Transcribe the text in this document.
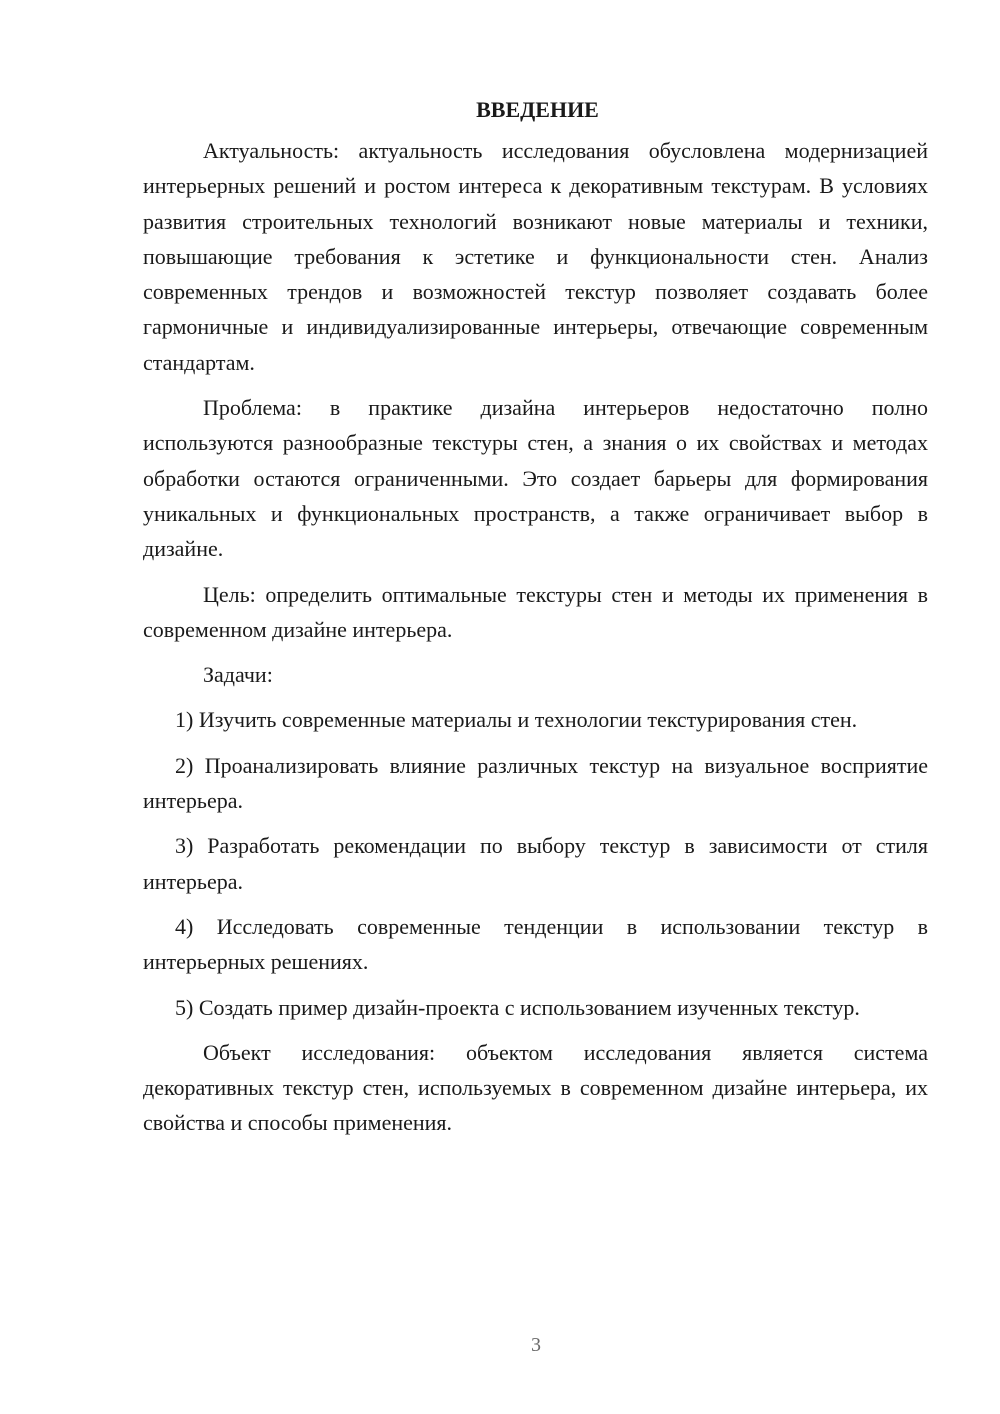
ВВЕДЕНИЕ

Актуальность: актуальность исследования обусловлена модернизацией интерьерных решений и ростом интереса к декоративным текстурам. В условиях развития строительных технологий возникают новые материалы и техники, повышающие требования к эстетике и функциональности стен. Анализ современных трендов и возможностей текстур позволяет создавать более гармоничные и индивидуализированные интерьеры, отвечающие современным стандартам.

Проблема: в практике дизайна интерьеров недостаточно полно используются разнообразные текстуры стен, а знания о их свойствах и методах обработки остаются ограниченными. Это создает барьеры для формирования уникальных и функциональных пространств, а также ограничивает выбор в дизайне.

Цель: определить оптимальные текстуры стен и методы их применения в современном дизайне интерьера.

Задачи:

1) Изучить современные материалы и технологии текстурирования стен.

2) Проанализировать влияние различных текстур на визуальное восприятие интерьера.

3) Разработать рекомендации по выбору текстур в зависимости от стиля интерьера.

4) Исследовать современные тенденции в использовании текстур в интерьерных решениях.

5) Создать пример дизайн-проекта с использованием изученных текстур.

Объект исследования: объектом исследования является система декоративных текстур стен, используемых в современном дизайне интерьера, их свойства и способы применения.

3
